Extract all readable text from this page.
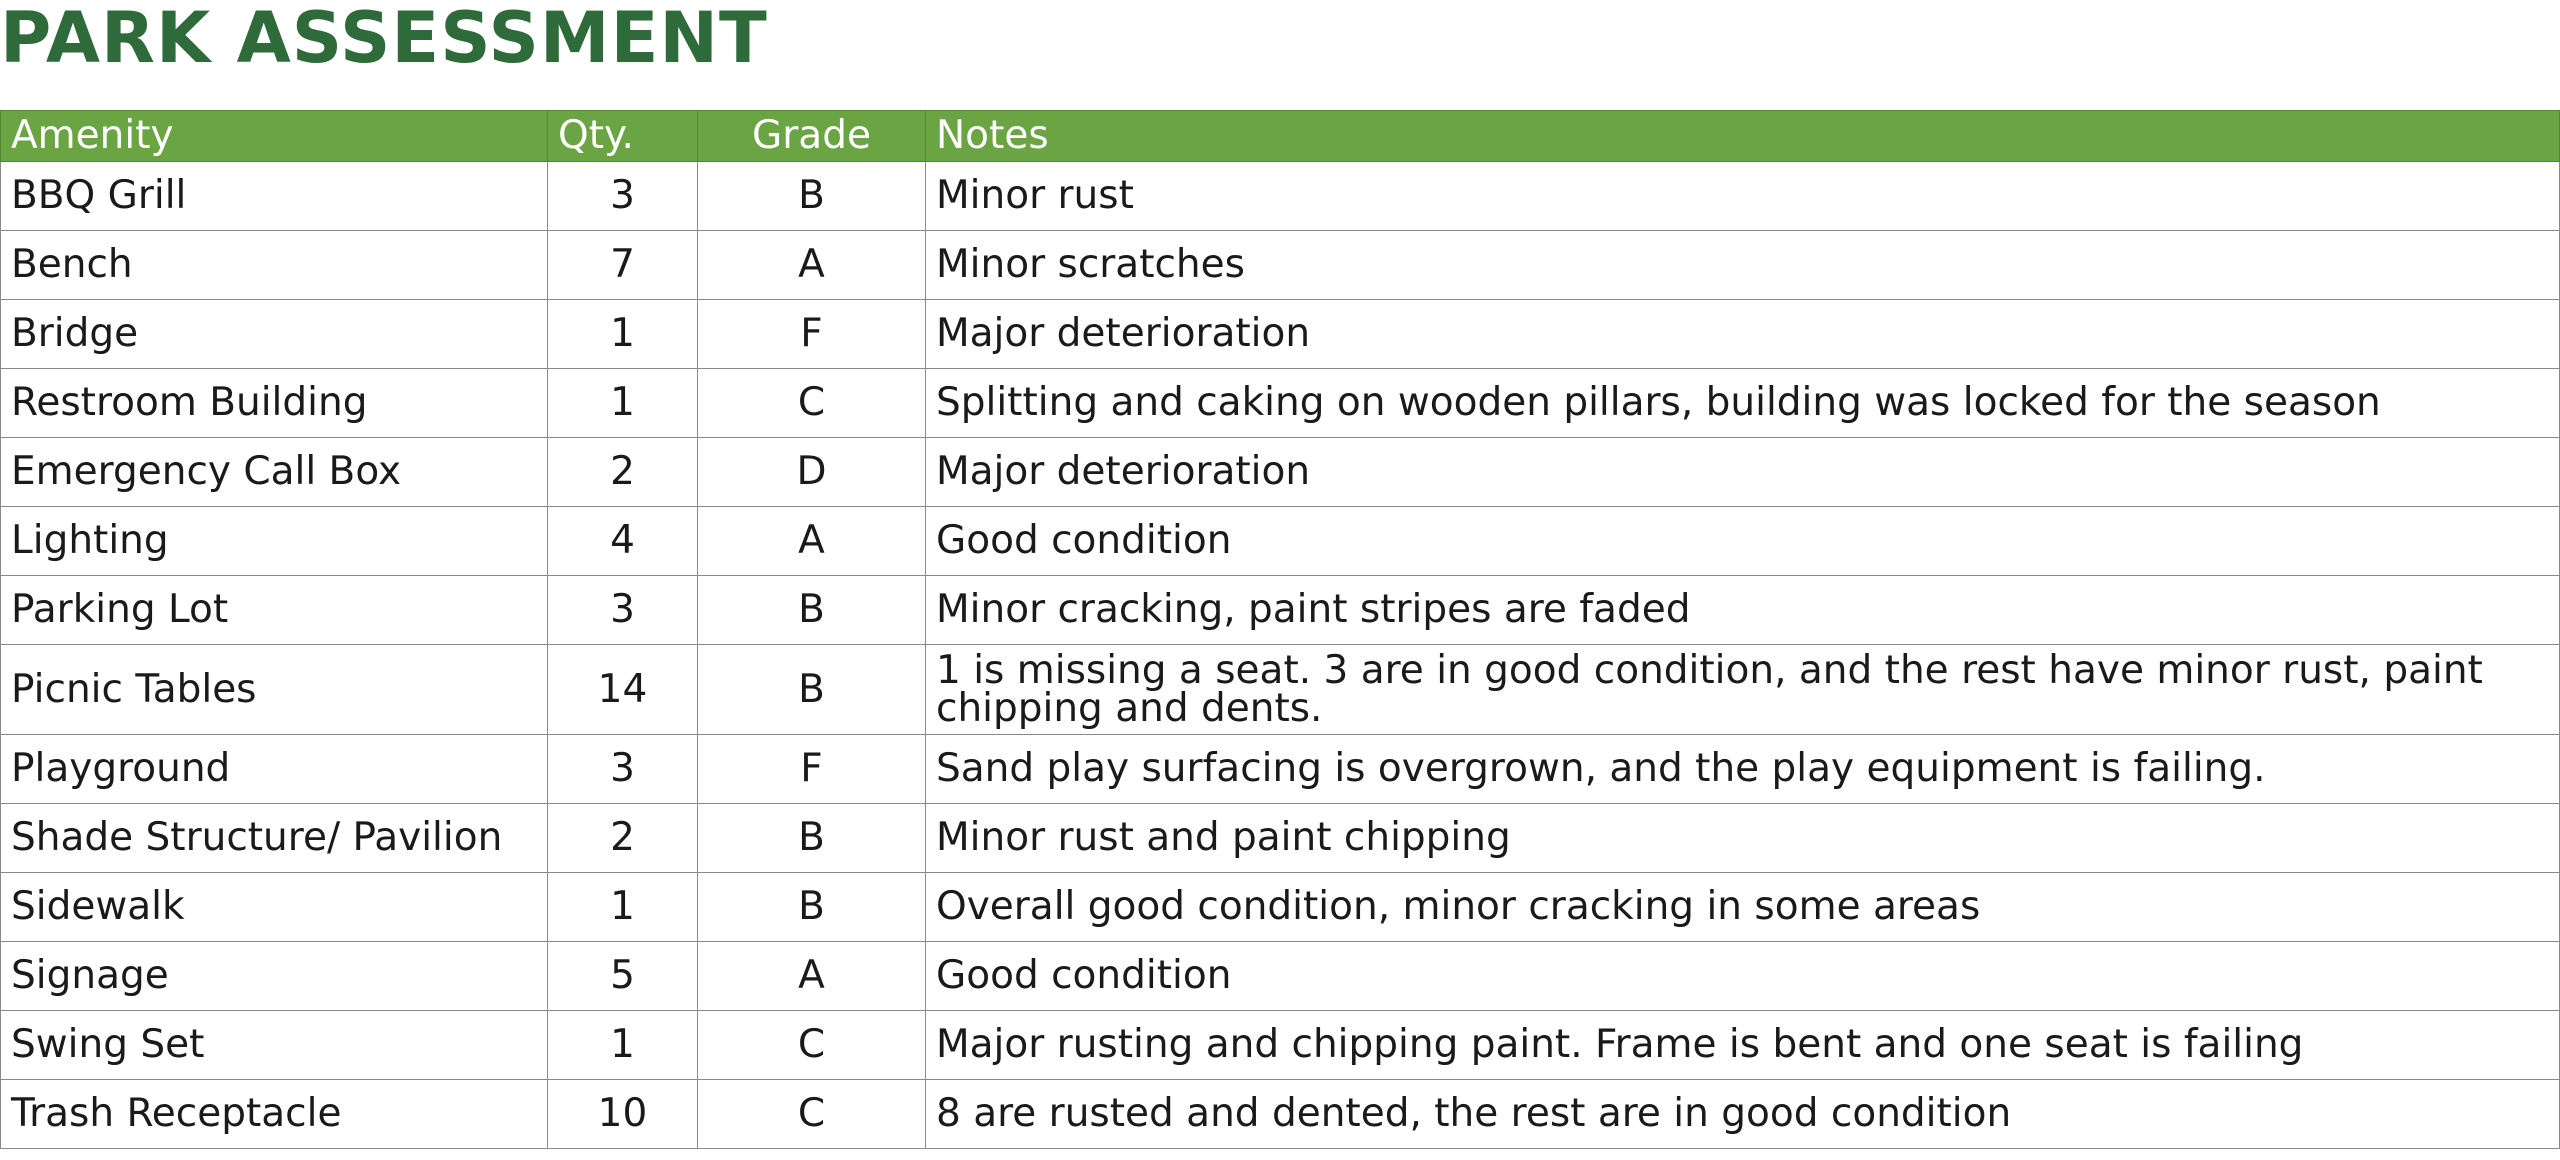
PARK ASSESSMENT
Amenity	Qty.	Grade	Notes
BBQ Grill	3	B	Minor rust
Bench	7	A	Minor scratches
Bridge	1	F	Major deterioration
Restroom Building	1	C	Splitting and caking on wooden pillars, building was locked for the season
Emergency Call Box	2	D	Major deterioration
Lighting	4	A	Good condition
Parking Lot	3	B	Minor cracking, paint stripes are faded
Picnic Tables	14	B	1 is missing a seat. 3 are in good condition, and the rest have minor rust, paint chipping and dents.
Playground	3	F	Sand play surfacing is overgrown, and the play equipment is failing.
Shade Structure/ Pavilion	2	B	Minor rust and paint chipping
Sidewalk	1	B	Overall good condition, minor cracking in some areas
Signage	5	A	Good condition
Swing Set	1	C	Major rusting and chipping paint. Frame is bent and one seat is failing
Trash Receptacle	10	C	8 are rusted and dented, the rest are in good condition
